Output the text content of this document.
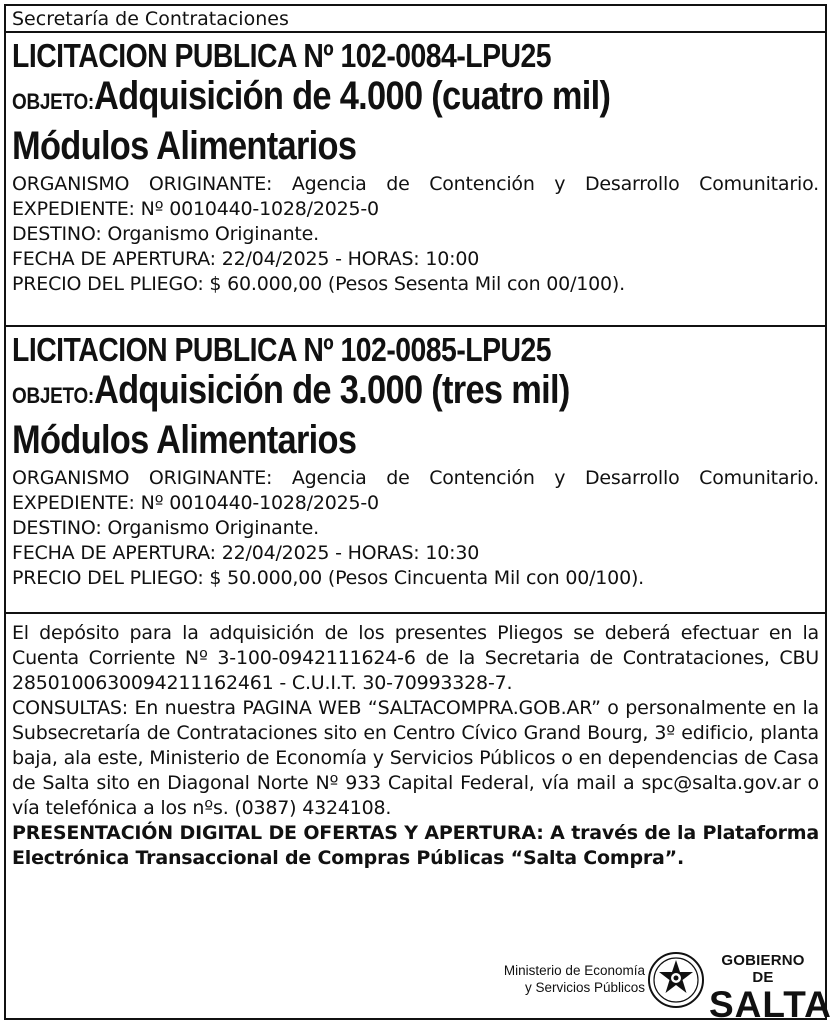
Secretaría de Contrataciones
LICITACION PUBLICA Nº 102-0084-LPU25
OBJETO:Adquisición de 4.000 (cuatro mil)
Módulos Alimentarios

ORGANISMO ORIGINANTE: Agencia de Contención y Desarrollo Comunitario. EXPEDIENTE: Nº 0010440-1028/2025-0

DESTINO: Organismo Originante.

FECHA DE APERTURA: 22/04/2025 - HORAS: 10:00

PRECIO DEL PLIEGO: $ 60.000,00 (Pesos Sesenta Mil con 00/100).

LICITACION PUBLICA Nº 102-0085-LPU25
OBJETO:Adquisición de 3.000 (tres mil)
Módulos Alimentarios

ORGANISMO ORIGINANTE: Agencia de Contención y Desarrollo Comunitario. EXPEDIENTE: Nº 0010440-1028/2025-0

DESTINO: Organismo Originante.

FECHA DE APERTURA: 22/04/2025 - HORAS: 10:30

PRECIO DEL PLIEGO: $ 50.000,00 (Pesos Cincuenta Mil con 00/100).

El depósito para la adquisición de los presentes Pliegos se deberá efectuar en la Cuenta Corriente Nº 3-100-0942111624-6 de la Secretaria de Contrataciones, CBU 2850100630094211162461 - C.U.I.T. 30-70993328-7.

CONSULTAS: En nuestra PAGINA WEB “SALTACOMPRA.GOB.AR” o personalmente en la Subsecretaría de Contrataciones sito en Centro Cívico Grand Bourg, 3º edificio, planta baja, ala este, Ministerio de Economía y Servicios Públicos o en dependencias de Casa de Salta sito en Diagonal Norte Nº 933 Capital Federal, vía mail a spc@salta.gov.ar o vía telefónica a los nºs. (0387) 4324108.

PRESENTACIÓN DIGITAL DE OFERTAS Y APERTURA: A través de la Plataforma Electrónica Transaccional de Compras Públicas “Salta Compra”.

Ministerio de Economía
y Servicios Públicos
GOBIERNO DE
SALTA
